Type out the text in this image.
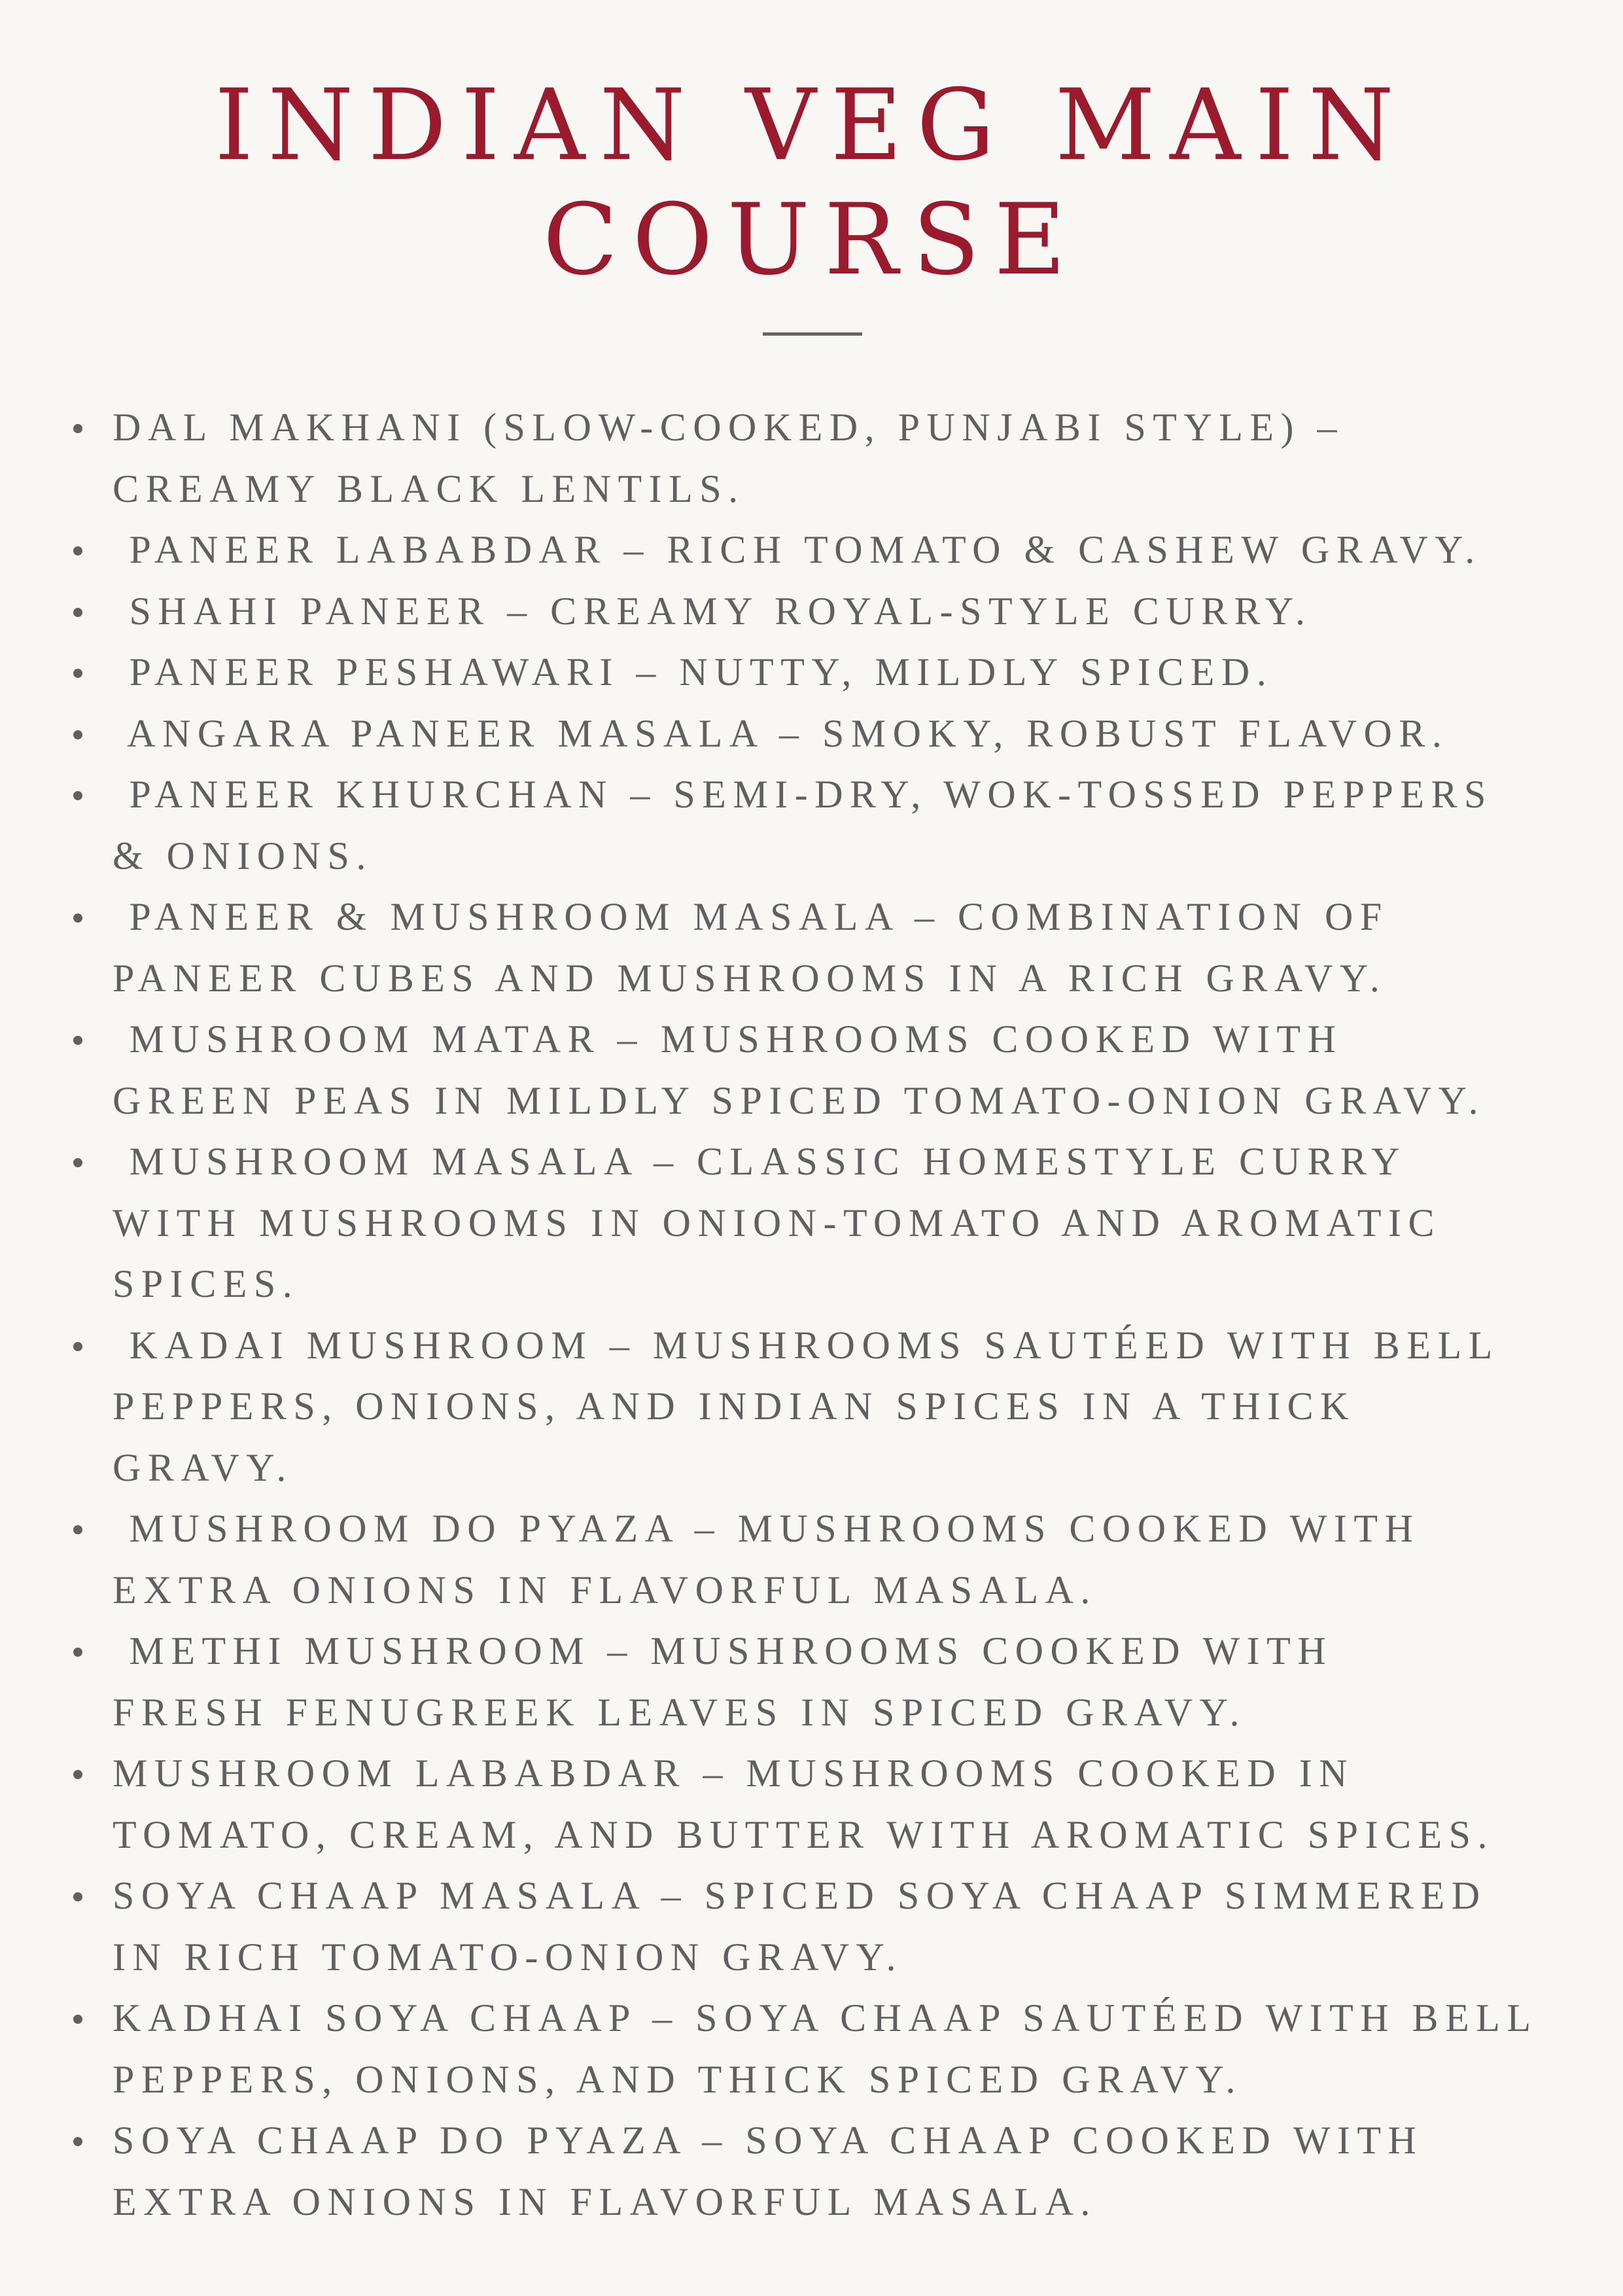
INDIAN VEG MAIN
COURSE
DAL MAKHANI (SLOW-COOKED, PUNJABI STYLE) –
CREAMY BLACK LENTILS.
PANEER LABABDAR – RICH TOMATO & CASHEW GRAVY.
SHAHI PANEER – CREAMY ROYAL-STYLE CURRY.
PANEER PESHAWARI – NUTTY, MILDLY SPICED.
ANGARA PANEER MASALA – SMOKY, ROBUST FLAVOR.
PANEER KHURCHAN – SEMI-DRY, WOK-TOSSED PEPPERS
& ONIONS.
PANEER & MUSHROOM MASALA – COMBINATION OF
PANEER CUBES AND MUSHROOMS IN A RICH GRAVY.
MUSHROOM MATAR – MUSHROOMS COOKED WITH
GREEN PEAS IN MILDLY SPICED TOMATO-ONION GRAVY.
MUSHROOM MASALA – CLASSIC HOMESTYLE CURRY
WITH MUSHROOMS IN ONION-TOMATO AND AROMATIC
SPICES.
KADAI MUSHROOM – MUSHROOMS SAUTÉED WITH BELL
PEPPERS, ONIONS, AND INDIAN SPICES IN A THICK
GRAVY.
MUSHROOM DO PYAZA – MUSHROOMS COOKED WITH
EXTRA ONIONS IN FLAVORFUL MASALA.
METHI MUSHROOM – MUSHROOMS COOKED WITH
FRESH FENUGREEK LEAVES IN SPICED GRAVY.
MUSHROOM LABABDAR – MUSHROOMS COOKED IN
TOMATO, CREAM, AND BUTTER WITH AROMATIC SPICES.
SOYA CHAAP MASALA – SPICED SOYA CHAAP SIMMERED
IN RICH TOMATO-ONION GRAVY.
KADHAI SOYA CHAAP – SOYA CHAAP SAUTÉED WITH BELL
PEPPERS, ONIONS, AND THICK SPICED GRAVY.
SOYA CHAAP DO PYAZA – SOYA CHAAP COOKED WITH
EXTRA ONIONS IN FLAVORFUL MASALA.
